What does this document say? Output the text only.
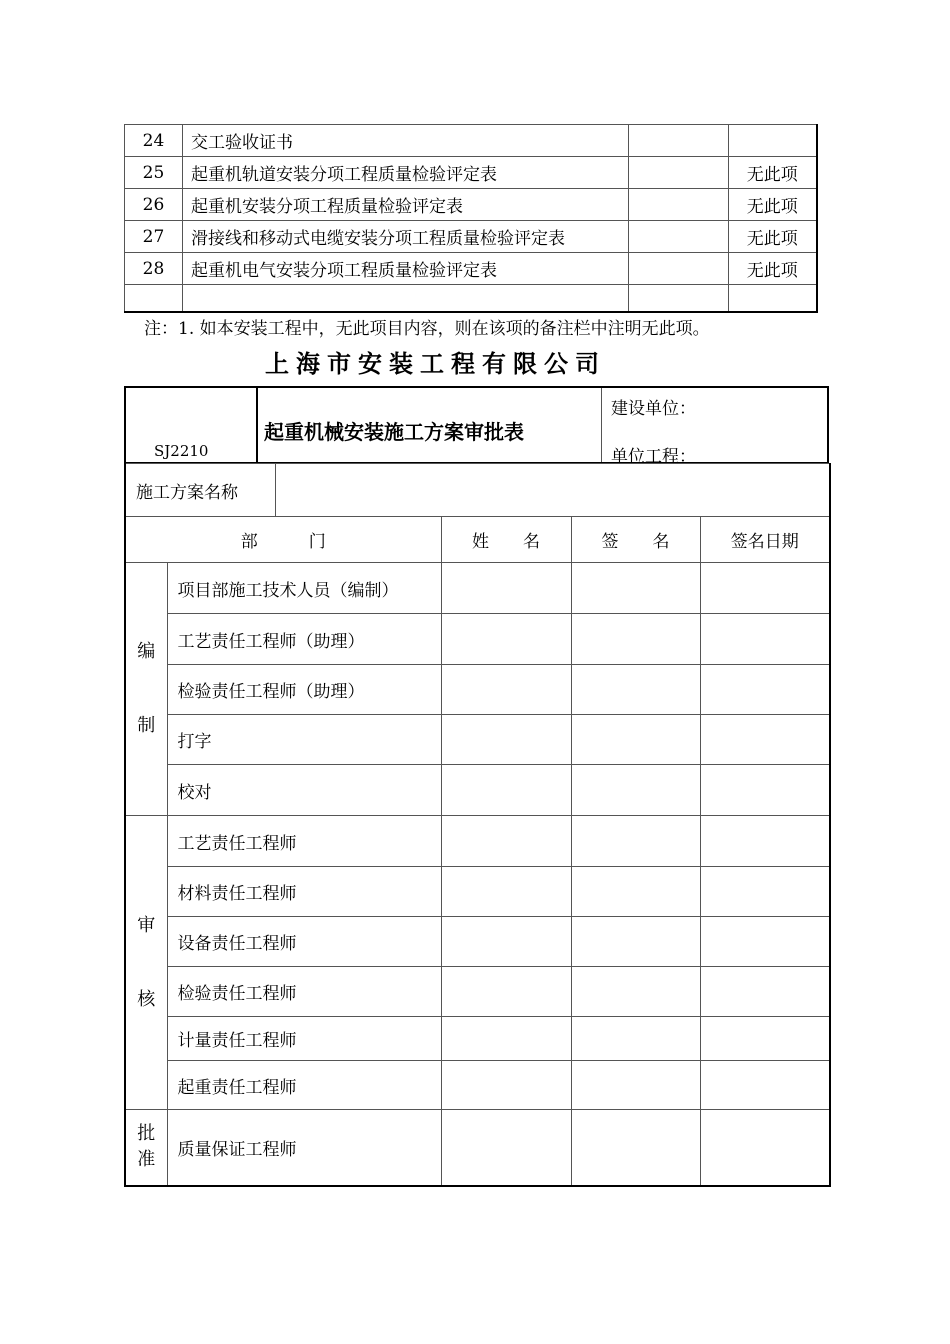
24	交工验收证书		
25	起重机轨道安装分项工程质量检验评定表		无此项
26	起重机安装分项工程质量检验评定表		无此项
27	滑接线和移动式电缆安装分项工程质量检验评定表		无此项
28	起重机电气安装分项工程质量检验评定表		无此项

注：1. 如本安装工程中，无此项目内容，则在该项的备注栏中注明无此项。
上海市安装工程有限公司
SJ2210
起重机械安装施工方案审批表
建设单位：
单位工程：
施工方案名称					
部　　　门			姓　　名	签　　名	签名日期

编
制	项目部施工技术人员（编制）				
	工艺责任工程师（助理）				
	检验责任工程师（助理）				
	打字				
	校对				

审
核	工艺责任工程师				
	材料责任工程师				
	设备责任工程师				
	检验责任工程师				
	计量责任工程师				
	起重责任工程师				

批
准	质量保证工程师				
